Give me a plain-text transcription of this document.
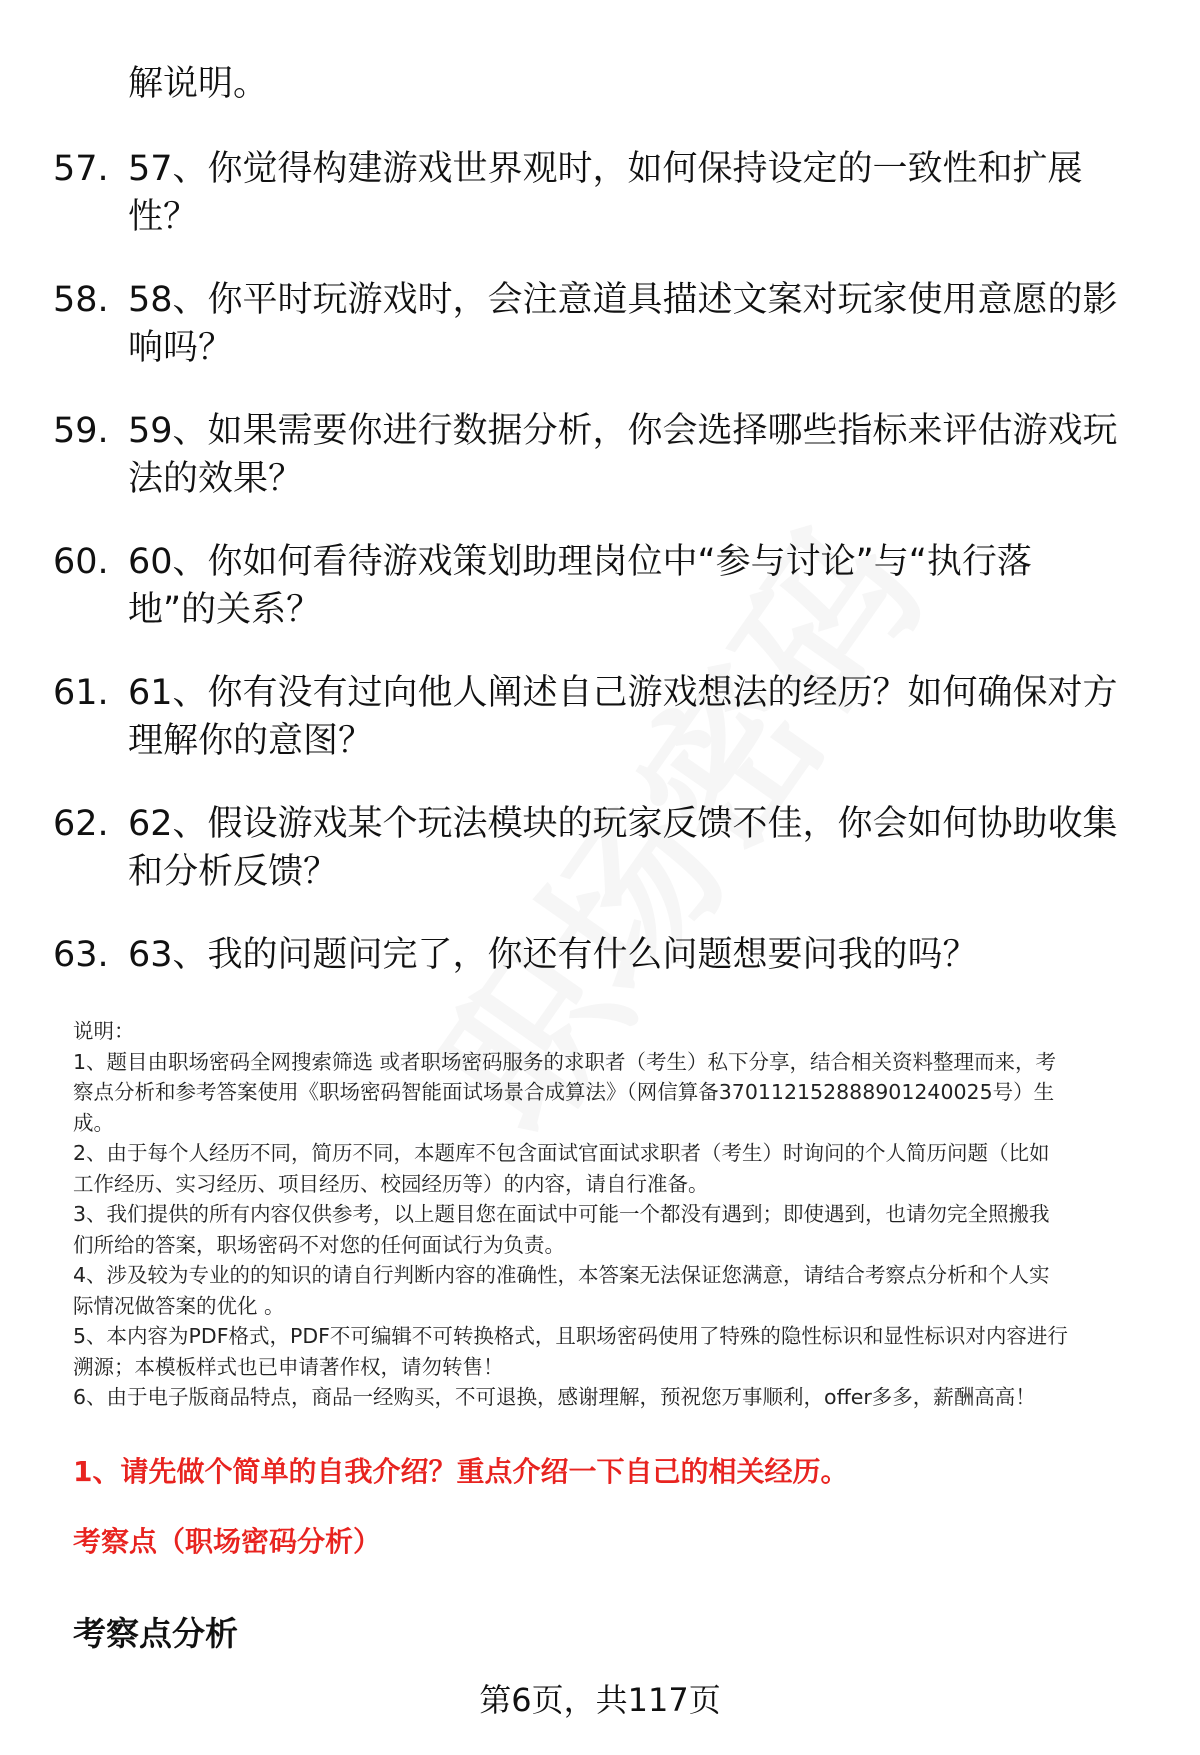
解说明。
57. 57、你觉得构建游戏世界观时，如何保持设定的一致性和扩展
性？
58. 58、你平时玩游戏时，会注意道具描述文案对玩家使用意愿的影
响吗？
59. 59、如果需要你进行数据分析，你会选择哪些指标来评估游戏玩
法的效果？
60. 60、你如何看待游戏策划助理岗位中“参与讨论”与“执行落
地”的关系？
61. 61、你有没有过向他人阐述自己游戏想法的经历？如何确保对方
理解你的意图？
62. 62、假设游戏某个玩法模块的玩家反馈不佳，你会如何协助收集
和分析反馈？
63. 63、我的问题问完了，你还有什么问题想要问我的吗？
说明：
1、题目由职场密码全网搜索筛选 或者职场密码服务的求职者（考生）私下分享，结合相关资料整理而来，考
察点分析和参考答案使用《职场密码智能面试场景合成算法》（网信算备370112152888901240025号）生
成。
2、由于每个人经历不同，简历不同，本题库不包含面试官面试求职者（考生）时询问的个人简历问题（比如
工作经历、实习经历、项目经历、校园经历等）的内容，请自行准备。
3、我们提供的所有内容仅供参考，以上题目您在面试中可能一个都没有遇到；即使遇到，也请勿完全照搬我
们所给的答案，职场密码不对您的任何面试行为负责。
4、涉及较为专业的的知识的请自行判断内容的准确性，本答案无法保证您满意，请结合考察点分析和个人实
际情况做答案的优化 。
5、本内容为PDF格式，PDF不可编辑不可转换格式，且职场密码使用了特殊的隐性标识和显性标识对内容进行
溯源；本模板样式也已申请著作权，请勿转售！
6、由于电子版商品特点，商品一经购买，不可退换，感谢理解，预祝您万事顺利，offer多多，薪酬高高！
1、请先做个简单的自我介绍？重点介绍一下自己的相关经历。
考察点（职场密码分析）
考察点分析
第6页，共117页
